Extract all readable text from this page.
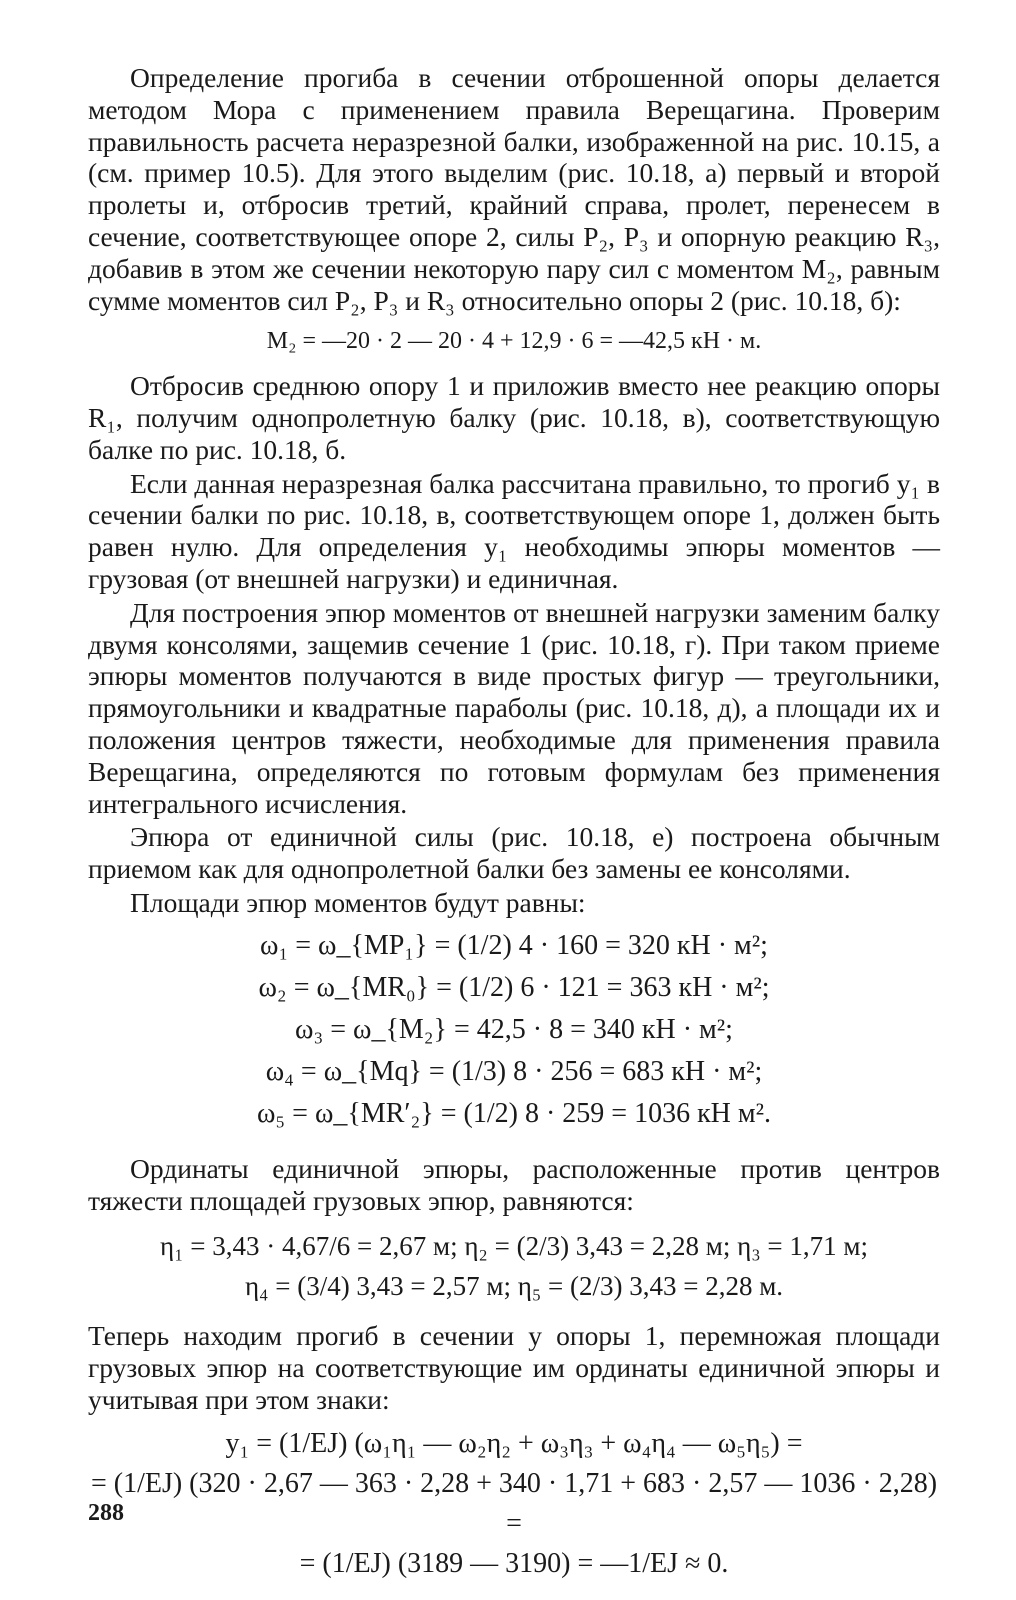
Определение прогиба в сечении отброшенной опоры делается методом Мора с применением правила Верещагина. Проверим правильность расчета неразрезной балки, изображенной на рис. 10.15, а (см. пример 10.5). Для этого выделим (рис. 10.18, а) первый и второй пролеты и, отбросив третий, крайний справа, пролет, перенесем в сечение, соответствующее опоре 2, силы P₂, P₃ и опорную реакцию R₃, добавив в этом же сечении некоторую пару сил с моментом M₂, равным сумме моментов сил P₂, P₃ и R₃ относительно опоры 2 (рис. 10.18, б):

M₂ = —20 · 2 — 20 · 4 + 12,9 · 6 = —42,5 кН · м.

Отбросив среднюю опору 1 и приложив вместо нее реакцию опоры R₁, получим однопролетную балку (рис. 10.18, в), соответствующую балке по рис. 10.18, б.

Если данная неразрезная балка рассчитана правильно, то прогиб y₁ в сечении балки по рис. 10.18, в, соответствующем опоре 1, должен быть равен нулю. Для определения y₁ необходимы эпюры моментов — грузовая (от внешней нагрузки) и единичная.

Для построения эпюр моментов от внешней нагрузки заменим балку двумя консолями, защемив сечение 1 (рис. 10.18, г). При таком приеме эпюры моментов получаются в виде простых фигур — треугольники, прямоугольники и квадратные параболы (рис. 10.18, д), а площади их и положения центров тяжести, необходимые для применения правила Верещагина, определяются по готовым формулам без применения интегрального исчисления.

Эпюра от единичной силы (рис. 10.18, е) построена обычным приемом как для однопролетной балки без замены ее консолями.

Площади эпюр моментов будут равны:

ω₁ = ω_{MP₁} = (1/2) 4 · 160 = 320 кН · м²;
ω₂ = ω_{MR₀} = (1/2) 6 · 121 = 363 кН · м²;
ω₃ = ω_{M₂} = 42,5 · 8 = 340 кН · м²;
ω₄ = ω_{Mq} = (1/3) 8 · 256 = 683 кН · м²;
ω₅ = ω_{MR′₂} = (1/2) 8 · 259 = 1036 кН м².

Ординаты единичной эпюры, расположенные против центров тяжести площадей грузовых эпюр, равняются:

η₁ = 3,43 · 4,67/6 = 2,67 м; η₂ = (2/3) 3,43 = 2,28 м; η₃ = 1,71 м;
η₄ = (3/4) 3,43 = 2,57 м; η₅ = (2/3) 3,43 = 2,28 м.

Теперь находим прогиб в сечении у опоры 1, перемножая площади грузовых эпюр на соответствующие им ординаты единичной эпюры и учитывая при этом знаки:

y₁ = (1/EJ) (ω₁η₁ — ω₂η₂ + ω₃η₃ + ω₄η₄ — ω₅η₅) =
= (1/EJ) (320 · 2,67 — 363 · 2,28 + 340 · 1,71 + 683 · 2,57 — 1036 · 2,28) =
= (1/EJ) (3189 — 3190) = —1/EJ ≈ 0.
288
